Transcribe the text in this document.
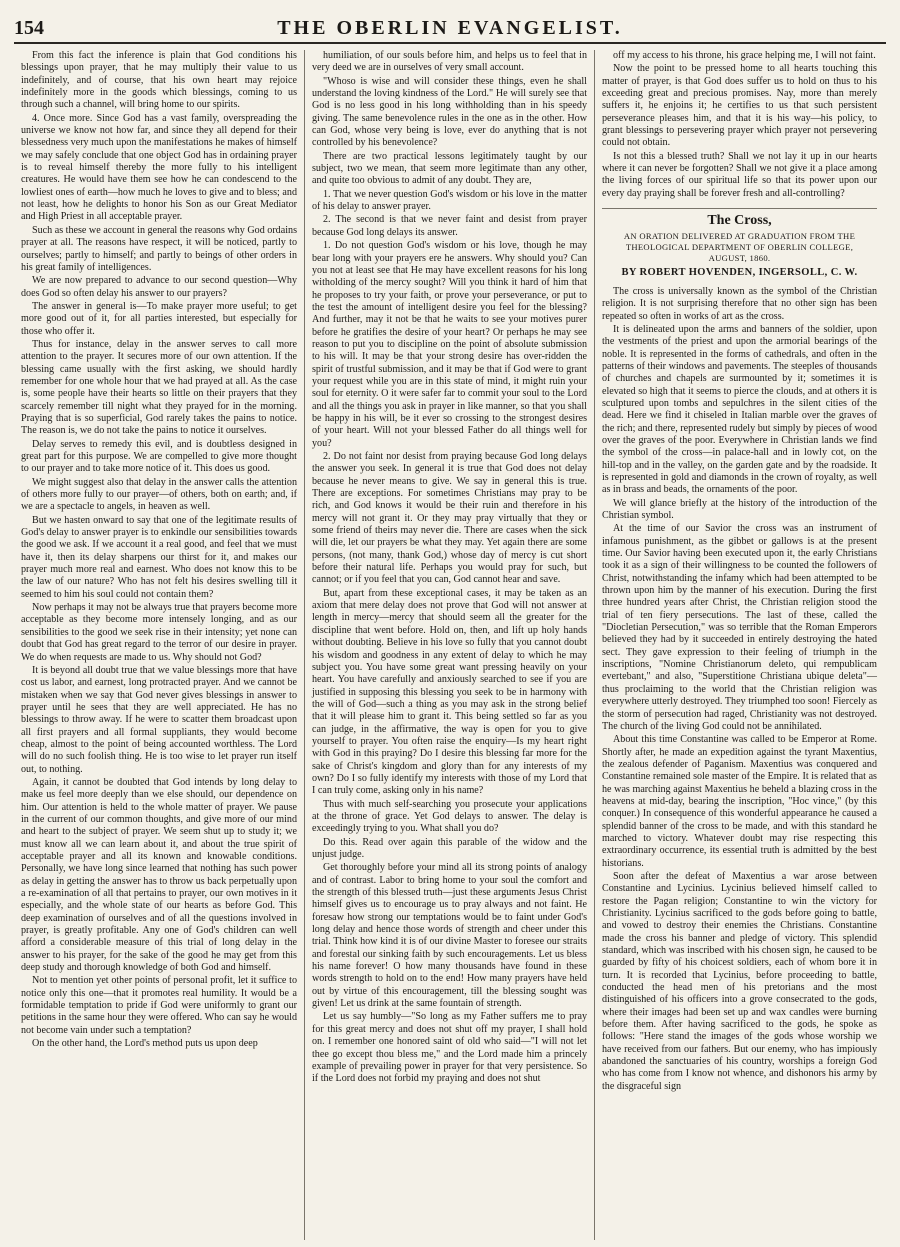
154	THE OBERLIN EVANGELIST.

From this fact the inference is plain that God conditions his blessings upon prayer, that he may multiply their value to us indefinitely, and of course, that his own heart may rejoice indefinitely more in the goods which blessings, coming to us through such a channel, will bring home to our spirits.

4. Once more. Since God has a vast family, overspreading the universe we know not how far, and since they all depend for their blessedness very much upon the manifestations he makes of himself we may safely conclude that one object God has in ordaining prayer is to reveal himself thereby the more fully to his intelligent creatures. He would have them see how he can condescend to the lowliest ones of earth—how much he loves to give and to bless; and not least, how he delights to honor his Son as our Great Mediator and High Priest in all acceptable prayer.

Such as these we account in general the reasons why God ordains prayer at all. The reasons have respect, it will be noticed, partly to ourselves; partly to himself; and partly to beings of other orders in his great family of intelligences.

We are now prepared to advance to our second question—Why does God so often delay his answer to our prayers?

The answer in general is—To make prayer more useful; to get more good out of it, for all parties interested, but especially for those who offer it.

Thus for instance, delay in the answer serves to call more attention to the prayer. It secures more of our own attention. If the blessing came usually with the first asking, we should hardly remember for one whole hour that we had prayed at all. As the case is, some people have their hearts so little on their prayers that they scarcely remember till night what they prayed for in the morning. Praying that is so superficial, God rarely takes the pains to notice. The reason is, we do not take the pains to notice it ourselves.

Delay serves to remedy this evil, and is doubtless designed in great part for this purpose. We are compelled to give more thought to our prayer and to take more notice of it. This does us good.

We might suggest also that delay in the answer calls the attention of others more fully to our prayer—of others, both on earth; and, if we are a spectacle to angels, in heaven as well.

But we hasten onward to say that one of the legitimate results of God's delay to answer prayer is to enkindle our sensibilities towards the good we ask. If we account it a real good, and feel that we must have it, then its delay sharpens our thirst for it, and makes our prayer much more real and earnest. Who does not know this to be the law of our nature? Who has not felt his desires swelling till it seemed to him his soul could not contain them?

Now perhaps it may not be always true that prayers become more acceptable as they become more intensely longing, and as our sensibilities to the good we seek rise in their intensity; yet none can doubt that God has great regard to the terror of our desire in prayer. We do when requests are made to us. Why should not God?

It is beyond all doubt true that we value blessings more that have cost us labor, and earnest, long protracted prayer. And we cannot be mistaken when we say that God never gives blessings in answer to prayer until he sees that they are well appreciated. He has no blessings to throw away. If he were to scatter them broadcast upon all first prayers and all formal suppliants, they would become cheap, almost to the point of being accounted worthless. The Lord will do no such foolish thing. He is too wise to let prayer run itself out, to nothing.

Again, it cannot be doubted that God intends by long delay to make us feel more deeply than we else should, our dependence on him. Our attention is held to the whole matter of prayer. We pause in the current of our common thoughts, and give more of our mind and heart to the subject of prayer. We seem shut up to study it; we must know all we can learn about it, and about the true spirit of acceptable prayer and all its known and knowable conditions. Personally, we have long since learned that nothing has such power as delay in getting the answer has to throw us back perpetually upon a re-examination of all that pertains to prayer, our own motives in it especially, and the whole state of our hearts as before God. This deep examination of ourselves and of all the questions involved in prayer, is greatly profitable. Any one of God's children can well afford a considerable measure of this trial of long delay in the answer to his prayer, for the sake of the good he may get from this deep study and thorough knowledge of both God and himself.

Not to mention yet other points of personal profit, let it suffice to notice only this one—that it promotes real humility. It would be a formidable temptation to pride if God were uniformly to grant our petitions in the same hour they were offered. Who can say he would not become vain under such a temptation?

On the other hand, the Lord's method puts us upon deep

humiliation, of our souls before him, and helps us to feel that in very deed we are in ourselves of very small account.

"Whoso is wise and will consider these things, even he shall understand the loving kindness of the Lord." He will surely see that God is no less good in his long withholding than in his speedy giving. The same benevolence rules in the one as in the other. How can God, whose very being is love, ever do anything that is not controlled by his benevolence?

There are two practical lessons legitimately taught by our subject, two we mean, that seem more legitimate than any other, and quite too obvious to admit of any doubt. They are,

1. That we never question God's wisdom or his love in the matter of his delay to answer prayer.

2. The second is that we never faint and desist from prayer because God long delays its answer.

1. Do not question God's wisdom or his love, though he may bear long with your prayers ere he answers. Why should you? Can you not at least see that He may have excellent reasons for his long witholding of the mercy sought? Will you think it hard of him that he proposes to try your faith, or prove your perseverance, or put to the test the amount of intelligent desire you feel for the blessing? And further, may it not be that he waits to see your motives purer before he gratifies the desire of your heart? Or perhaps he may see reason to put you to discipline on the point of absolute submission to his will. It may be that your strong desire has over-ridden the spirit of trustful submission, and it may be that if God were to grant your request while you are in this state of mind, it might ruin your soul for eternity. O it were safer far to commit your soul to the Lord and all the things you ask in prayer in like manner, so that you shall be happy in his will, be it ever so crossing to the strongest desires of your heart. Will not your blessed Father do all things well for you?

2. Do not faint nor desist from praying because God long delays the answer you seek. In general it is true that God does not delay because he never means to give. We say in general this is true. There are exceptions. For sometimes Christians may pray to be rich, and God knows it would be their ruin and therefore in his mercy will not grant it. Or they may pray virtually that they or some friend of theirs may never die. There are cases when the sick will die, let our prayers be what they may. Yet again there are some persons, (not many, thank God,) whose day of mercy is cut short before their natural life. Perhaps you would pray for such, but cannot; or if you feel that you can, God cannot hear and save.

But, apart from these exceptional cases, it may be taken as an axiom that mere delay does not prove that God will not answer at length in mercy—mercy that should seem all the greater for the discipline that went before. Hold on, then, and lift up holy hands without doubting. Believe in his love so fully that you cannot doubt his wisdom and goodness in any extent of delay to which he may subject you. You have some great want pressing heavily on your heart. You have carefully and anxiously searched to see if you are justified in supposing this blessing you seek to be in harmony with the will of God—such a thing as you may ask in the strong belief that it will please him to grant it. This being settled so far as you can judge, in the affirmative, the way is open for you to give yourself to prayer. You often raise the enquiry—Is my heart right with God in this praying? Do I desire this blessing far more for the sake of Christ's kingdom and glory than for any interests of my own? Do I so fully identify my interests with those of my Lord that I can truly come, asking only in his name?

Thus with much self-searching you prosecute your applications at the throne of grace. Yet God delays to answer. The delay is exceedingly trying to you. What shall you do?

Do this. Read over again this parable of the widow and the unjust judge.

Get thoroughly before your mind all its strong points of analogy and of contrast. Labor to bring home to your soul the comfort and the strength of this blessed truth—just these arguments Jesus Christ himself gives us to encourage us to pray always and not faint. He foresaw how strong our temptations would be to faint under God's long delay and hence those words of strength and cheer under this trial. Think how kind it is of our divine Master to foresee our straits and forestal our sinking faith by such encouragements. Let us bless his name forever! O how many thousands have found in these words strength to hold on to the end! How many prayers have held out by virtue of this encouragement, till the blessing sought was given! Let us drink at the same fountain of strength.

Let us say humbly—"So long as my Father suffers me to pray for this great mercy and does not shut off my prayer, I shall hold on. I remember one honored saint of old who said—"I will not let thee go except thou bless me," and the Lord made him a princely example of prevailing power in prayer for that very persistence. So if the Lord does not forbid my praying and does not shut

off my access to his throne, his grace helping me, I will not faint.

Now the point to be pressed home to all hearts touching this matter of prayer, is that God does suffer us to hold on thus to his exceeding great and precious promises. Nay, more than merely suffers it, he enjoins it; he certifies to us that such persistent perseverance pleases him, and that it is his way—his policy, to grant blessings to persevering prayer which prayer not persevering could not obtain.

Is not this a blessed truth? Shall we not lay it up in our hearts where it can never be forgotten? Shall we not give it a place among the living forces of our spiritual life so that its power upon our every day praying shall be forever fresh and all-controlling?

The Cross,
AN ORATION DELIVERED AT GRADUATION FROM THE THEOLOGICAL DEPARTMENT OF OBERLIN COLLEGE, AUGUST, 1860.
BY ROBERT HOVENDEN, INGERSOLL, C. W.

The cross is universally known as the symbol of the Christian religion. It is not surprising therefore that no other sign has been repeated so often in works of art as the cross.

It is delineated upon the arms and banners of the soldier, upon the vestments of the priest and upon the armorial bearings of the noble. It is represented in the forms of cathedrals, and often in the patterns of their windows and pavements. The steeples of thousands of churches and chapels are surmounted by it; sometimes it is elevated so high that it seems to pierce the clouds, and at others it is sculptured upon tombs and sepulchres in the silent cities of the dead. Here we find it chiseled in Italian marble over the graves of the rich; and there, represented rudely but simply by pieces of wood over the graves of the poor. Everywhere in Christian lands we find the symbol of the cross—in palace-hall and in lowly cot, on the hill-top and in the valley, on the garden gate and by the roadside. It is represented in gold and diamonds in the crown of royalty, as well as in brass and beads, the ornaments of the poor.

We will glance briefly at the history of the introduction of the Christian symbol.

At the time of our Savior the cross was an instrument of infamous punishment, as the gibbet or gallows is at the present time. Our Savior having been executed upon it, the early Christians took it as a sign of their willingness to be counted the followers of Christ, notwithstanding the infamy which had been attempted to be thrown upon him by the manner of his execution. During the first three hundred years after Christ, the Christian religion stood the trial of ten fiery persecutions. The last of these, called the "Diocletian Persecution," was so terrible that the Roman Emperors believed they had by it succeeded in entirely destroying the hated sect. They gave expression to their feeling of triumph in the inscriptions, "Nomine Christianorum deleto, qui rempublicam evertebant," and also, "Superstitione Christiana ubique deleta"—thus proclaiming to the world that the Christian religion was everywhere utterly destroyed. They triumphed too soon! Fiercely as the storm of persecution had raged, Christianity was not destroyed. The church of the living God could not be annihilated.

About this time Constantine was called to be Emperor at Rome. Shortly after, he made an expedition against the tyrant Maxentius, the zealous defender of Paganism. Maxentius was conquered and Constantine remained sole master of the Empire. It is related that as he was marching against Maxentius he beheld a blazing cross in the heavens at mid-day, bearing the inscription, "Hoc vince," (by this conquer.) In consequence of this wonderful appearance he caused a splendid banner of the cross to be made, and with this standard he marched to victory. Whatever doubt may rise respecting this extraordinary occurrence, its essential truth is admitted by the best historians.

Soon after the defeat of Maxentius a war arose between Constantine and Lycinius. Lycinius believed himself called to restore the Pagan religion; Constantine to win the victory for Christianity. Lycinius sacrificed to the gods before going to battle, and vowed to destroy their enemies the Christians. Constantine made the cross his banner and pledge of victory. This splendid standard, which was inscribed with his chosen sign, he caused to be guarded by fifty of his choicest soldiers, each of whom bore it in turn. It is recorded that Lycinius, before proceeding to battle, conducted the head men of his pretorians and the most distinguished of his officers into a grove consecrated to the gods, where their images had been set up and wax candles were burning before them. After having sacrificed to the gods, he spoke as follows: "Here stand the images of the gods whose worship we have received from our fathers. But our enemy, who has impiously abandoned the sanctuaries of his country, worships a foreign God who has come from I know not whence, and dishonors his army by the disgraceful sign
